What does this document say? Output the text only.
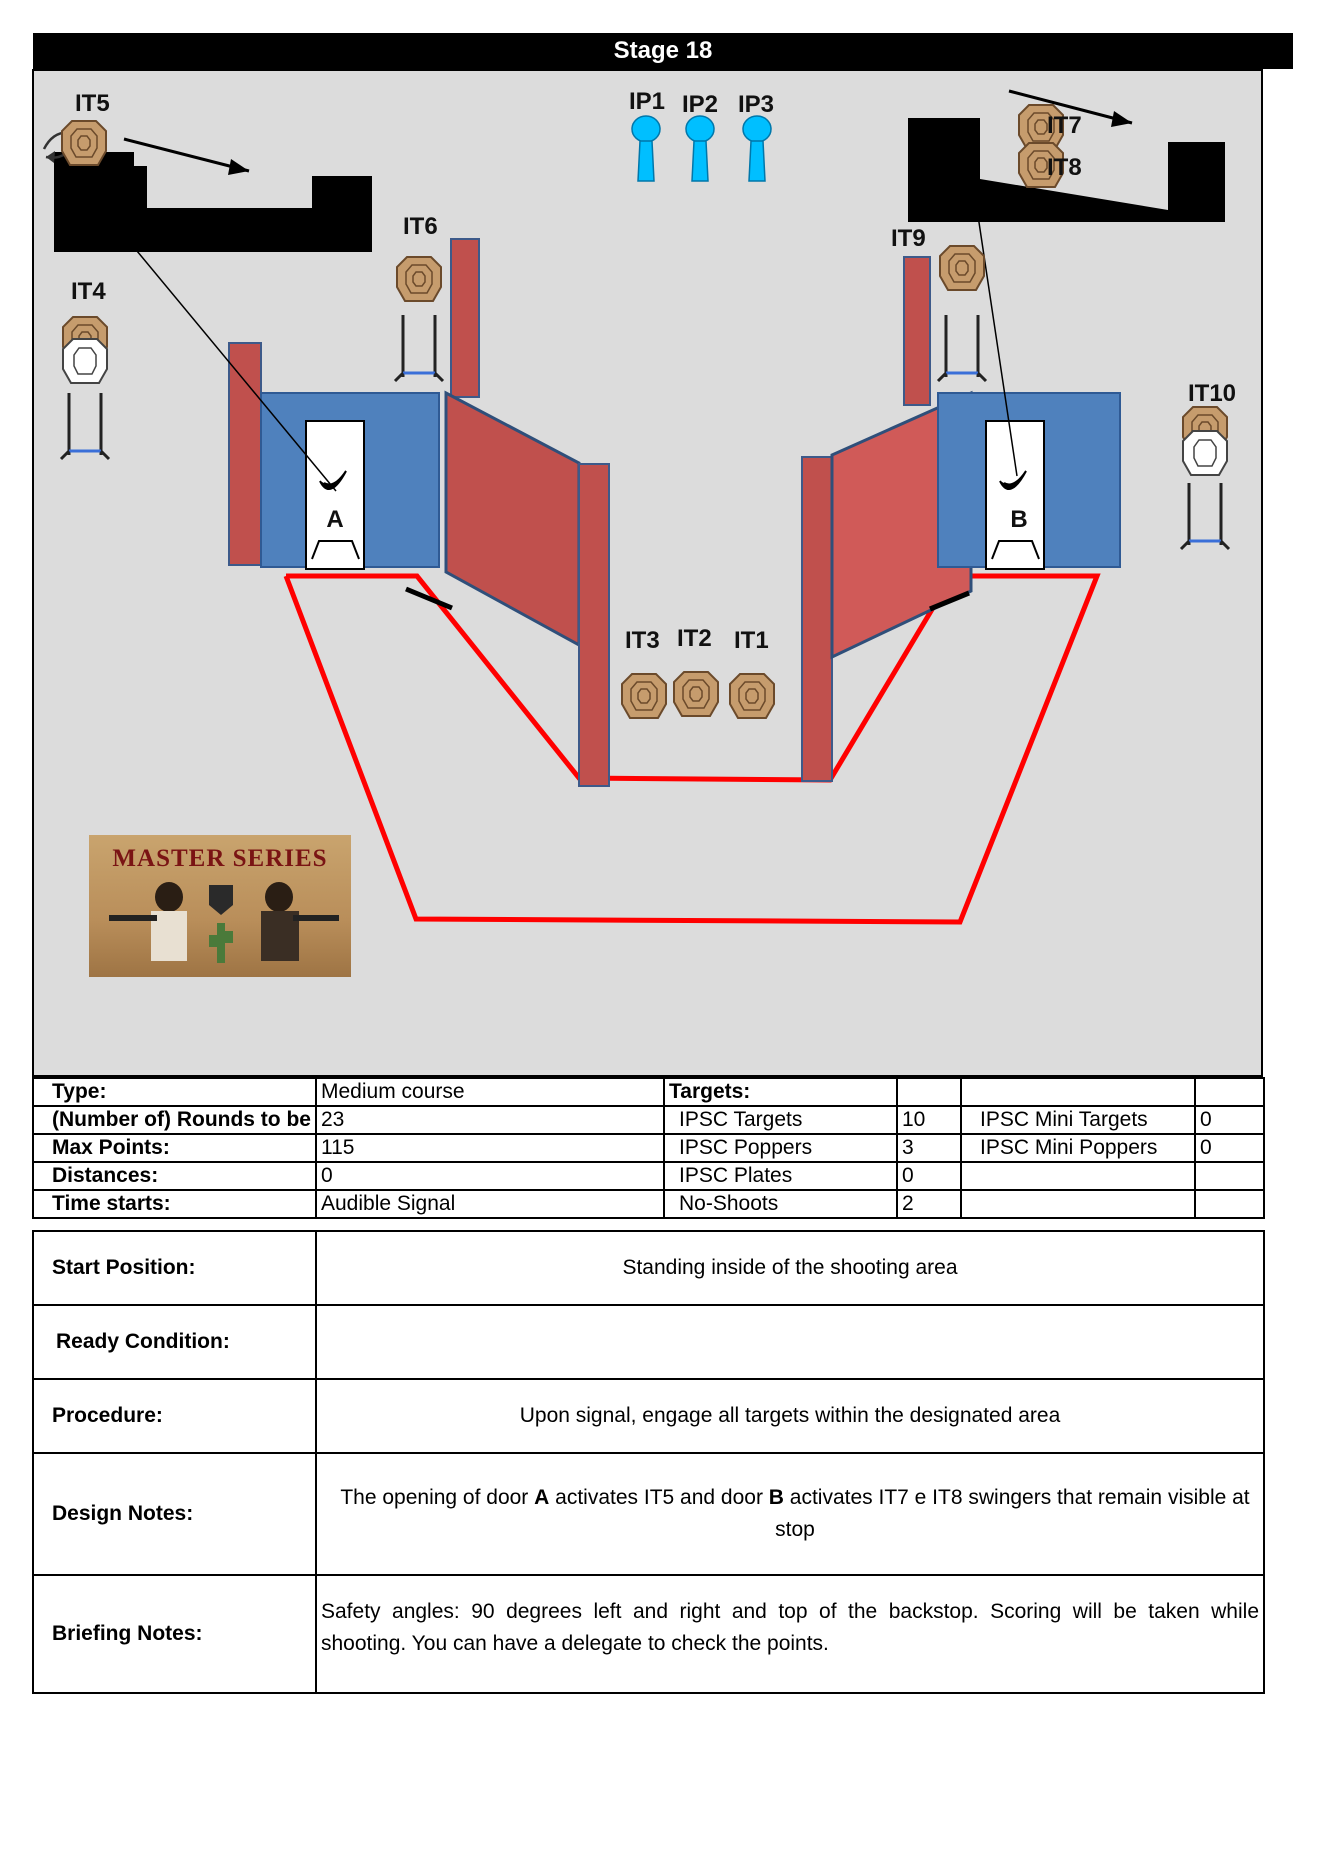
Stage 18
A	B
IT5	IP1 IP2 IP3
IT7
IT8
IT6	IT9
IT4
IT10
IT3 IT2 IT1
MASTER SERIES
Type:	Medium course	Targets:			
(Number of) Rounds to be	23	IPSC Targets	10	IPSC Mini Targets	0
Max Points:	115	IPSC Poppers	3	IPSC Mini Poppers	0
Distances:	0	IPSC Plates	0		
Time starts:	Audible Signal	No-Shoots	2		
Start Position:	Standing inside of the shooting area
Ready Condition:	
Procedure:	Upon signal, engage all targets within the designated area
Design Notes:	The opening of door A activates IT5 and door B activates IT7 e IT8 swingers that remain visible at stop
Briefing Notes:	Safety angles: 90 degrees left and right and top of the backstop. Scoring will be taken while shooting. You can have a delegate to check the points.
